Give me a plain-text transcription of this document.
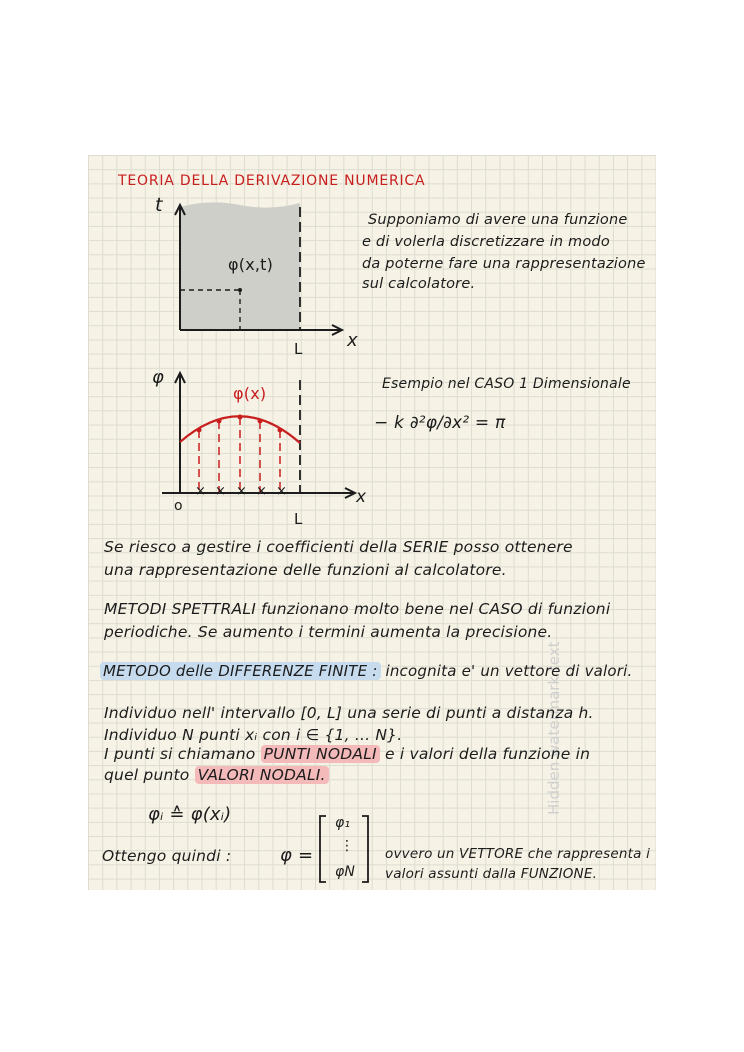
Hidden watermark text
TEORIA DELLA DERIVAZIONE NUMERICA
t
φ(x,t)
x
L
Supponiamo di avere una funzione
e di volerla discretizzare in modo
da poterne fare una rappresentazione
sul calcolatore.
φ
φ(x)
× × × × ×
o	x
L
Esempio nel CASO 1 Dimensionale
− k ∂²φ/∂x² = π
Se riesco a gestire i coefficienti della SERIE posso ottenere
una rappresentazione delle funzioni al calcolatore.
METODI SPETTRALI funzionano molto bene nel CASO di funzioni
periodiche. Se aumento i termini aumenta la precisione.
METODO delle DIFFERENZE FINITE : incognita e' un vettore di valori.
Individuo nell' intervallo [0, L] una serie di punti a distanza h.
Individuo N punti xᵢ con i ∈ {1, ... N}.
I punti si chiamano PUNTI NODALI e i valori della funzione in
quel punto VALORI NODALI.
φᵢ ≙ φ(xᵢ)
Ottengo quindi :	φ =
φ₁
⋮
φN
ovvero un VETTORE che rappresenta i
valori assunti dalla FUNZIONE.
